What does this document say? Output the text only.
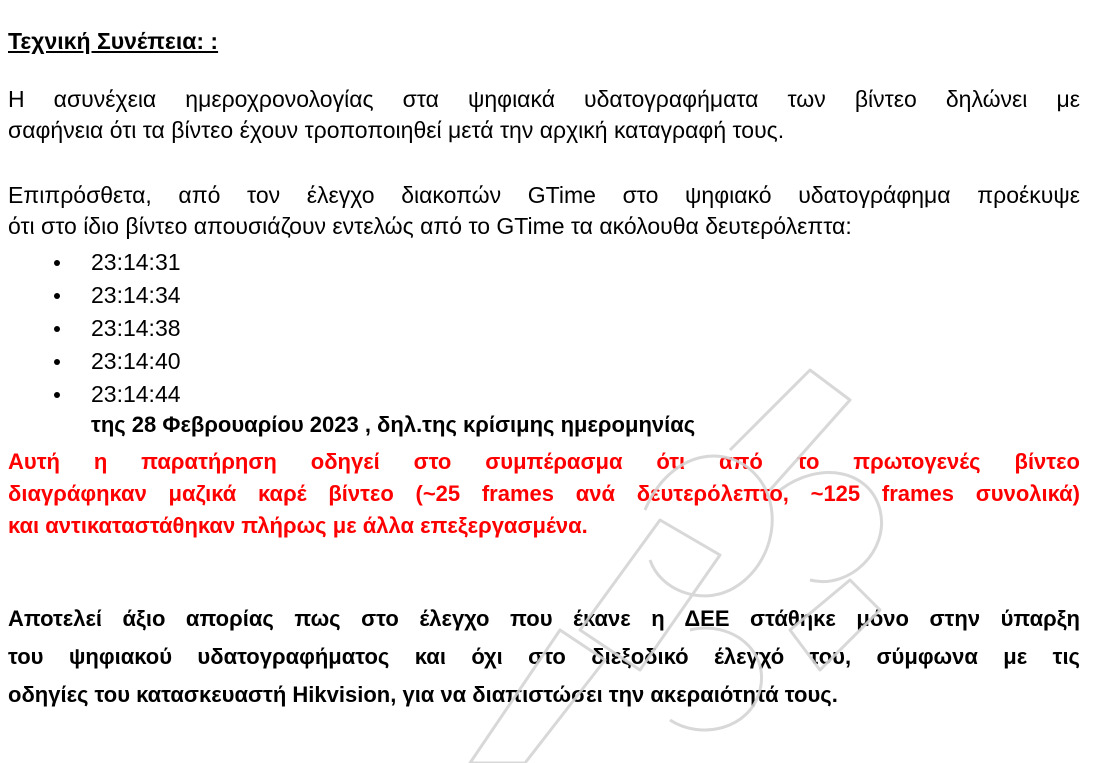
Τεχνική Συνέπεια: :
Η ασυνέχεια ημεροχρονολογίας στα ψηφιακά υδατογραφήματα των βίντεο δηλώνει με
σαφήνεια ότι τα βίντεο έχουν τροποποιηθεί μετά την αρχική καταγραφή τους.
Επιπρόσθετα, από τον έλεγχο διακοπών GTime στο ψηφιακό υδατογράφημα προέκυψε
ότι στο ίδιο βίντεο απουσιάζουν εντελώς από το GTime τα ακόλουθα δευτερόλεπτα:
23:14:31
23:14:34
23:14:38
23:14:40
23:14:44
της 28 Φεβρουαρίου 2023 , δηλ.της κρίσιμης ημερομηνίας
Αυτή η παρατήρηση οδηγεί στο συμπέρασμα ότι από το πρωτογενές βίντεο
διαγράφηκαν μαζικά καρέ βίντεο (~25 frames ανά δευτερόλεπτο, ~125 frames συνολικά)
και αντικαταστάθηκαν πλήρως με άλλα επεξεργασμένα.
Αποτελεί άξιο απορίας πως στο έλεγχο που έκανε η ΔΕΕ στάθηκε μόνο στην ύπαρξη
του ψηφιακού υδατογραφήματος και όχι στο διεξοδικό έλεγχό του, σύμφωνα με τις
οδηγίες του κατασκευαστή Hikvision, για να διαπιστώσει την ακεραιότητά τους.
